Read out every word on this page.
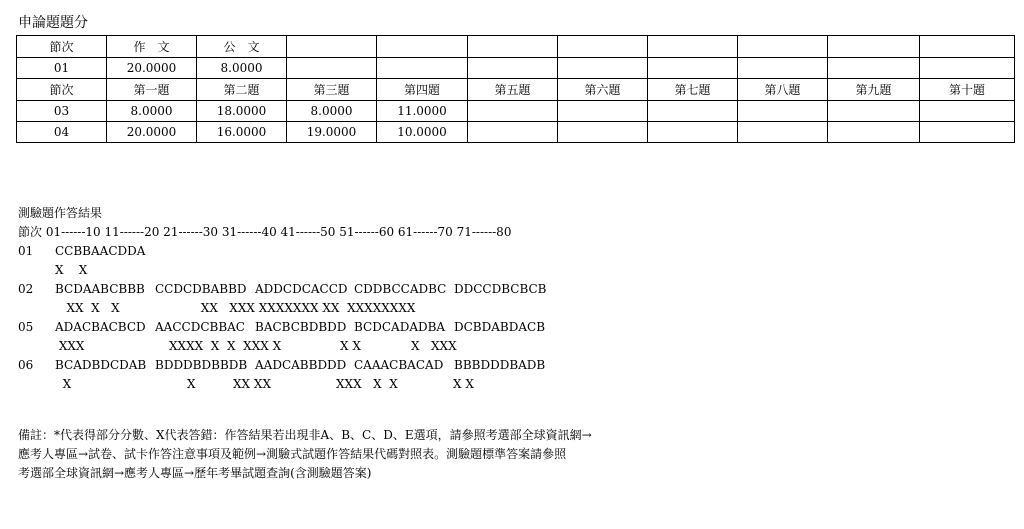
申論題題分
節次	作　文	公　文								
01	20.0000	8.0000								
節次	第一題	第二題	第三題	第四題	第五題	第六題	第七題	第八題	第九題	第十題
03	8.0000	18.0000	8.0000	11.0000						
04	20.0000	16.0000	19.0000	10.0000						
測驗題作答結果
節次 01------10 11------20 21------30 31------40 41------50 51------60 61------70 71------80
01 CCBBAACDDA
X    X
02 BCDAABCBBB CCDCDBABBD ADDCDCACCD CDDBCCADBC DDCCDBCBCB
XX  X   X	XX   XXX XXXXXXX XX  XXXXXXXX
05 ADACBACBCD AACCDCBBAC BACBCBDBDD BCDCADADBA DCBDABDACB
XXX	XXXX  X  X  XXX X	X X	X   XXX
06 BCADBDCDAB BDDDBDBBDB AADCABBDDD CAAACBACAD BBBDDDBADB
X	X	XX XX	XXX   X  X	X X
備註：*代表得部分分數、X代表答錯：作答結果若出現非A、B、C、D、E選項，請參照考選部全球資訊網→
應考人專區→試卷、試卡作答注意事項及範例→測驗式試題作答結果代碼對照表。測驗題標準答案請參照
考選部全球資訊網→應考人專區→歷年考畢試題查詢(含測驗題答案)
